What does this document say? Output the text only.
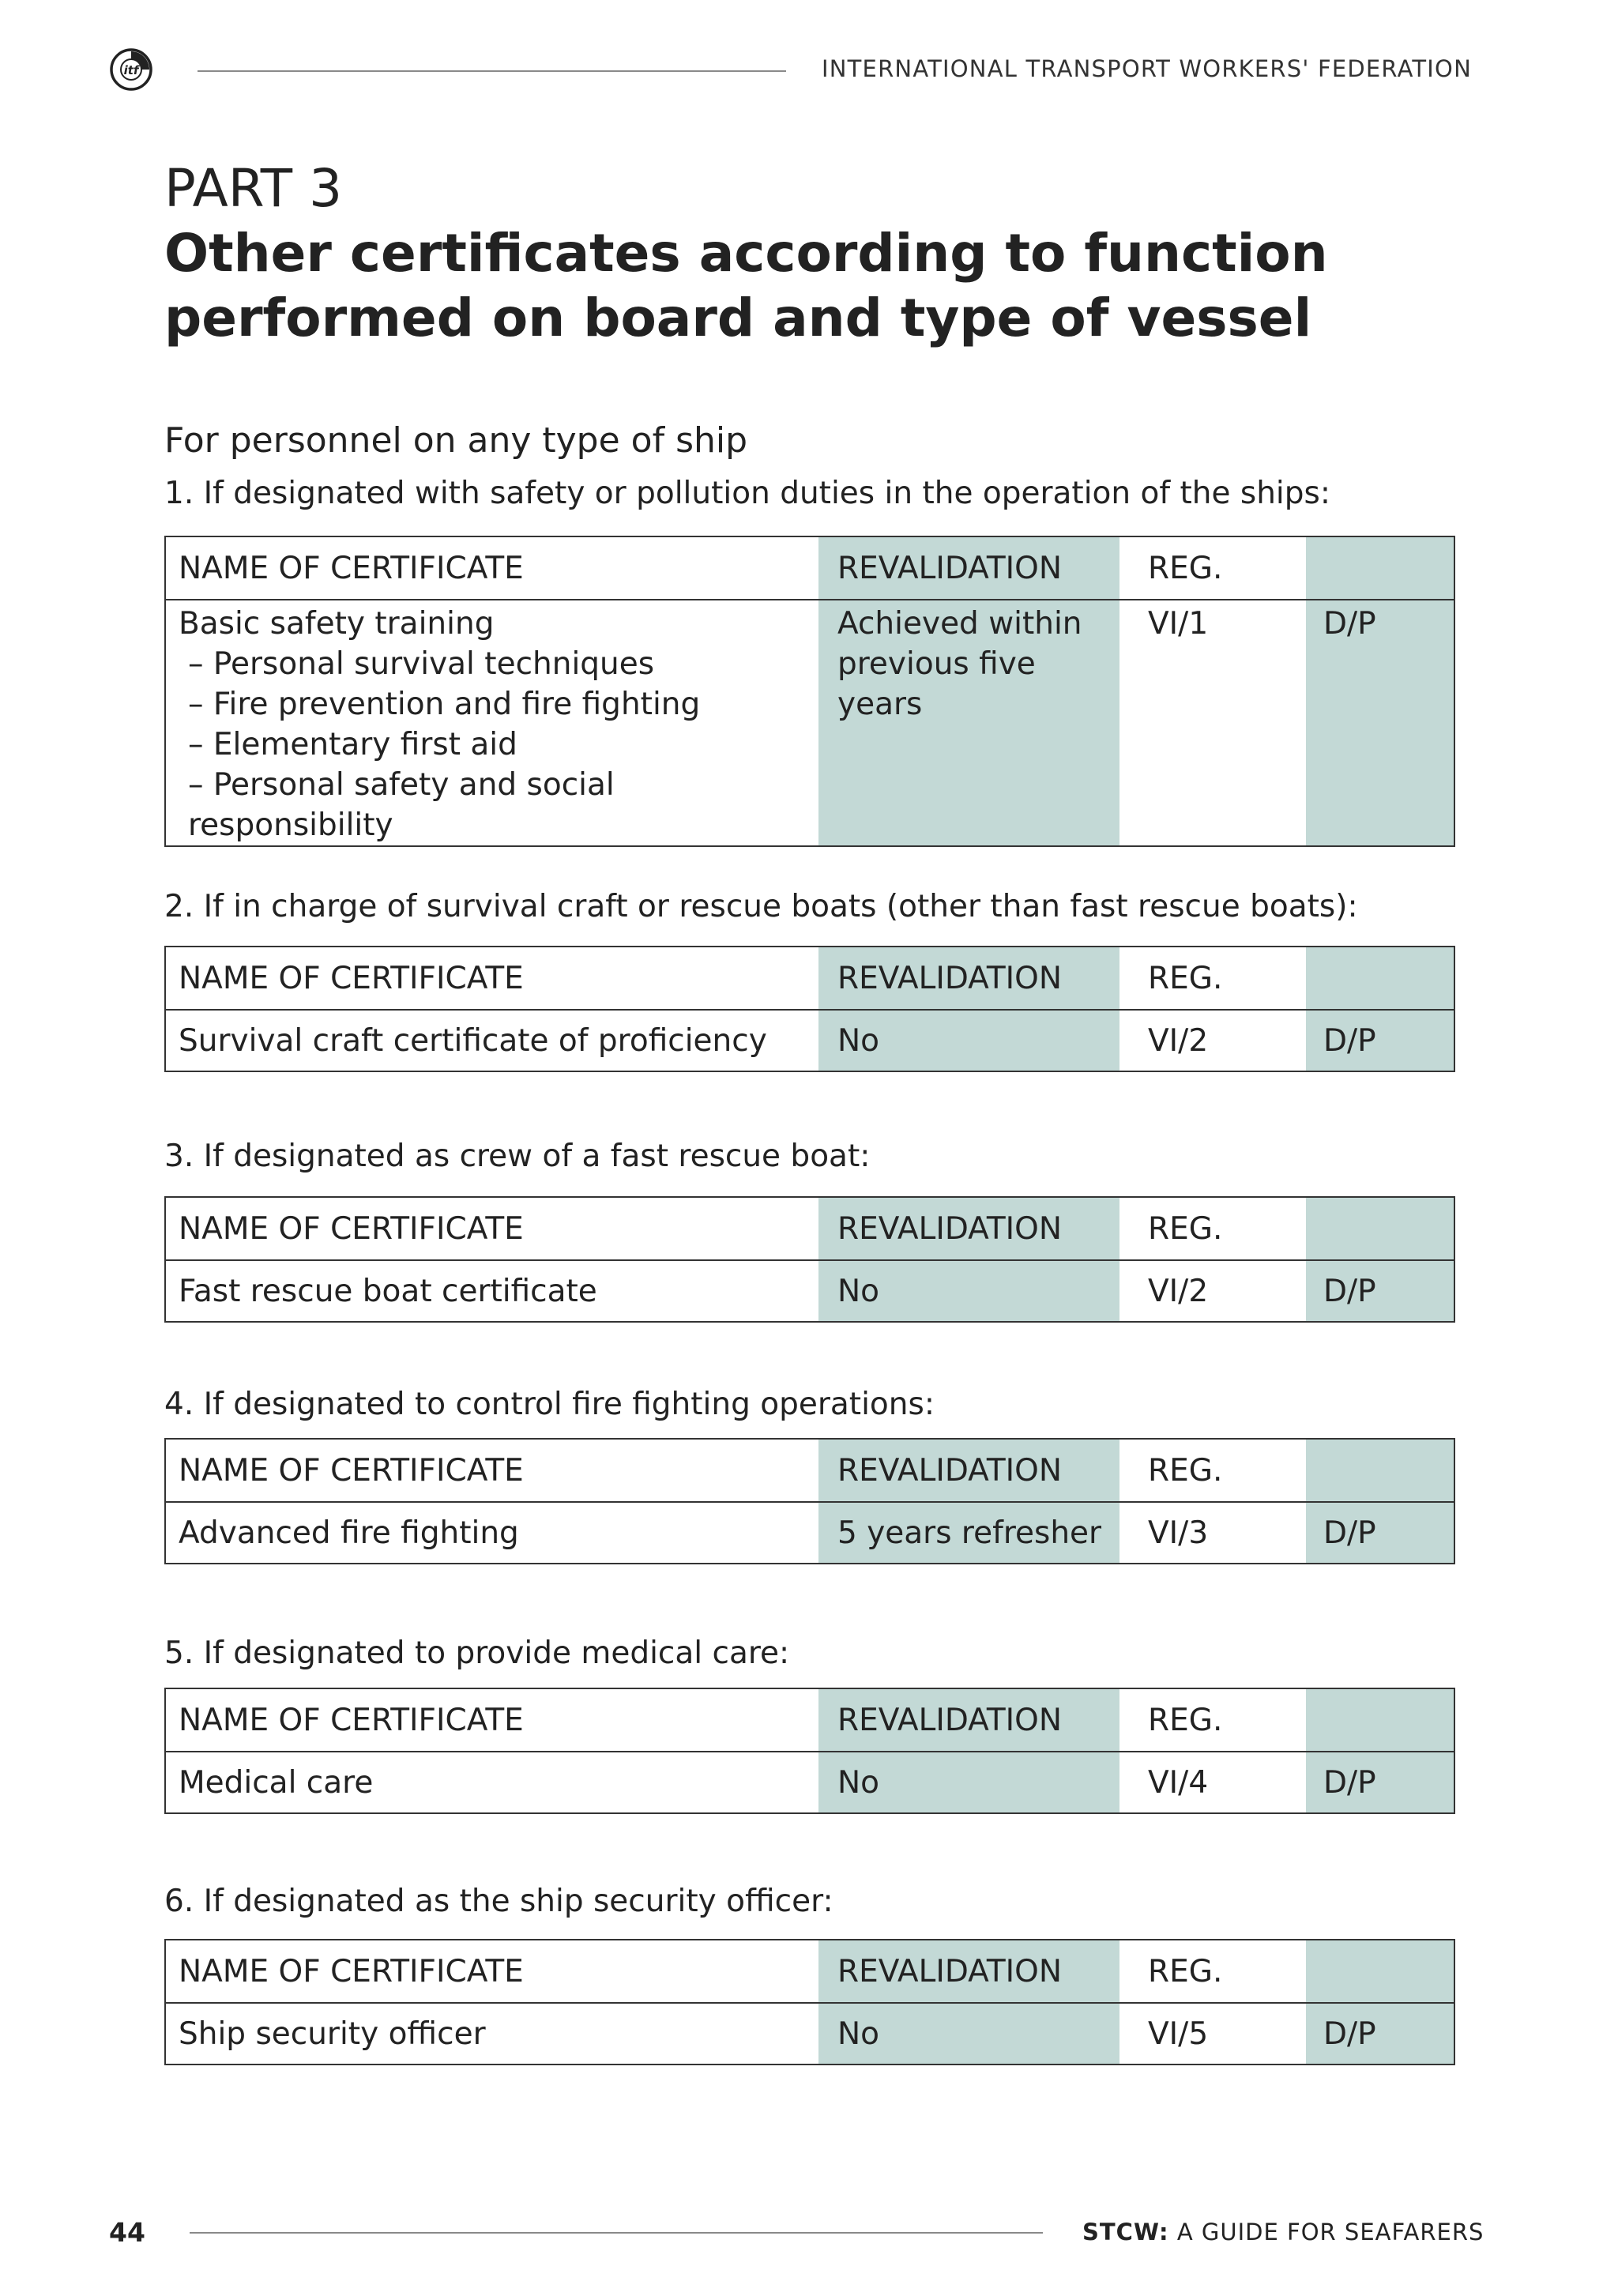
itf	INTERNATIONAL TRANSPORT WORKERS' FEDERATION
PART 3
Other certificates according to function performed on board and type of vessel
For personnel on any type of ship
1. If designated with safety or pollution duties in the operation of the ships:
NAME OF CERTIFICATE	REVALIDATION	REG.	
Basic safety training
– Personal survival techniques
– Fire prevention and fire fighting
– Elementary first aid
– Personal safety and social responsibility	Achieved within previous five years	VI/1	D/P
2. If in charge of survival craft or rescue boats (other than fast rescue boats):
NAME OF CERTIFICATE	REVALIDATION	REG.	
Survival craft certificate of proficiency	No	VI/2	D/P
3. If designated as crew of a fast rescue boat:
NAME OF CERTIFICATE	REVALIDATION	REG.	
Fast rescue boat certificate	No	VI/2	D/P
4. If designated to control fire fighting operations:
NAME OF CERTIFICATE	REVALIDATION	REG.	
Advanced fire fighting	5 years refresher	VI/3	D/P
5. If designated to provide medical care:
NAME OF CERTIFICATE	REVALIDATION	REG.	
Medical care	No	VI/4	D/P
6. If designated as the ship security officer:
NAME OF CERTIFICATE	REVALIDATION	REG.	
Ship security officer	No	VI/5	D/P
44	STCW: A GUIDE FOR SEAFARERS
